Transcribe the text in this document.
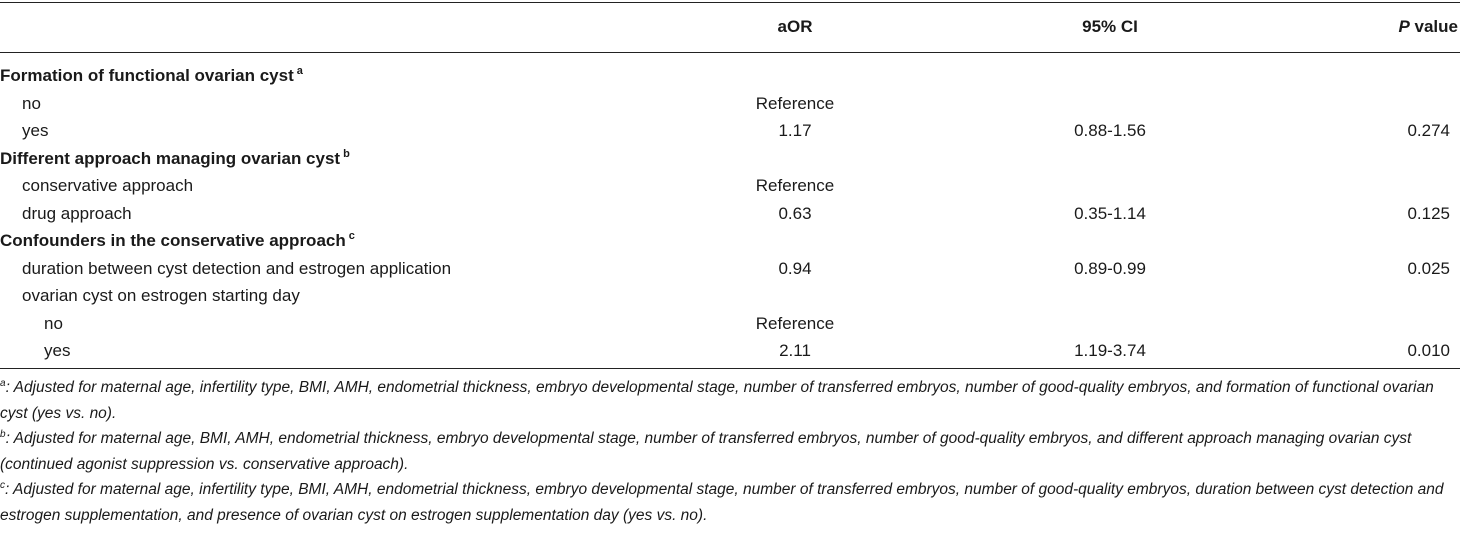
aOR	95% CI	P value
Formation of functional ovarian cyst $^a$
no	Reference
yes	1.17	0.88-1.56	0.274
Different approach managing ovarian cyst $^b$
conservative approach	Reference
drug approach	0.63	0.35-1.14	0.125
Confounders in the conservative approach $^c$
duration between cyst detection and estrogen application	0.94	0.89-0.99	0.025
ovarian cyst on estrogen starting day
no	Reference
yes	2.11	1.19-3.74	0.010

$^a$: Adjusted for maternal age, infertility type, BMI, AMH, endometrial thickness, embryo developmental stage, number of transferred embryos, number of good-quality embryos, and formation of functional ovarian cyst (yes vs. no).

$^b$: Adjusted for maternal age, BMI, AMH, endometrial thickness, embryo developmental stage, number of transferred embryos, number of good-quality embryos, and different approach managing ovarian cyst (continued agonist suppression vs. conservative approach).

$^c$: Adjusted for maternal age, infertility type, BMI, AMH, endometrial thickness, embryo developmental stage, number of transferred embryos, number of good-quality embryos, duration between cyst detection and estrogen supplementation, and presence of ovarian cyst on estrogen supplementation day (yes vs. no).
